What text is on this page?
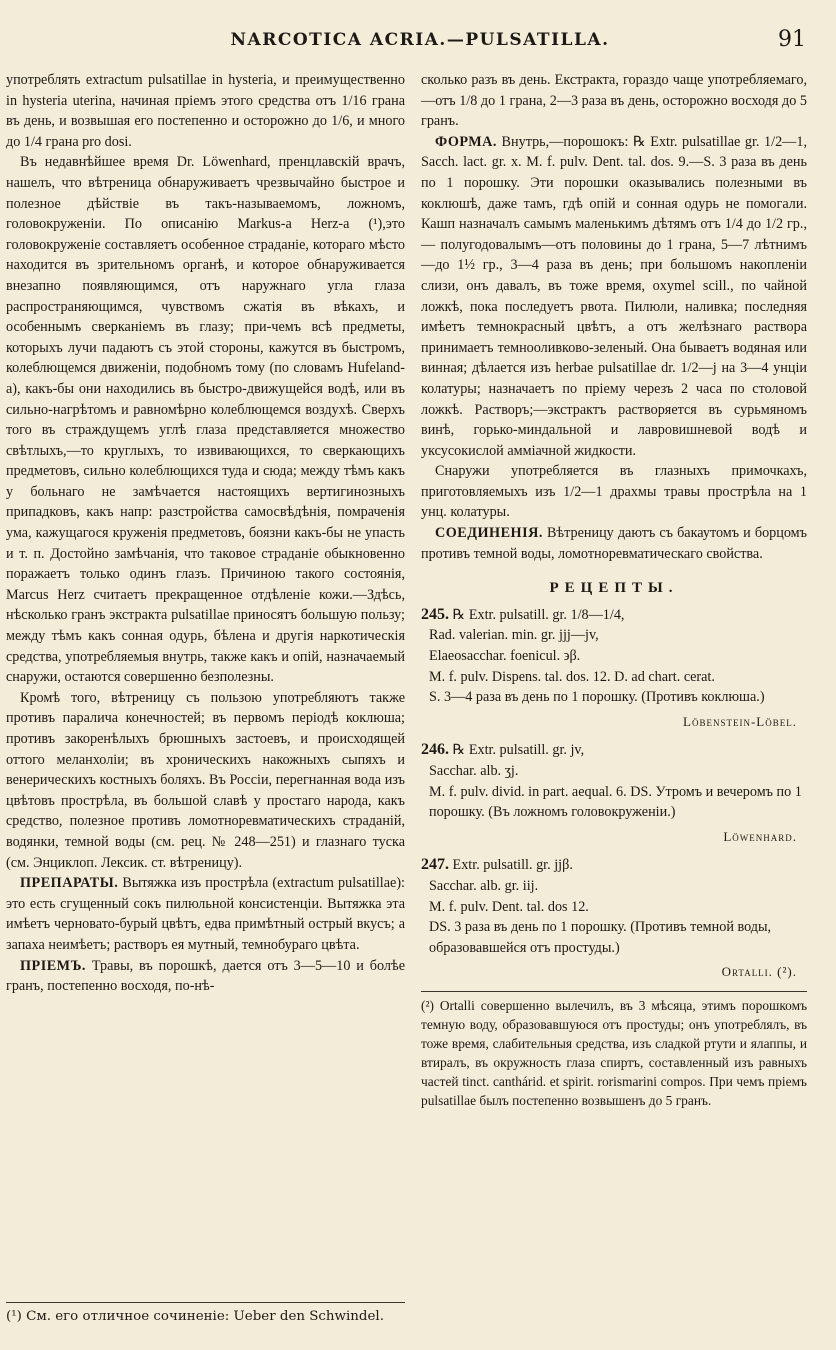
NARCOTICA ACRIA.—PULSATILLA.	91

употреблять extractum pulsatillae in hysteria, и преимущественно in hysteria uterina, начиная пріемъ этого средства отъ 1/16 грана въ день, и возвышая его постепенно и осторожно до 1/6, и много до 1/4 грана pro dosi.

Въ недавнѣйшее время Dr. Löwenhard, пренцлавскій врачъ, нашелъ, что вѣтреница обнаруживаетъ чрезвычайно быстрое и полезное дѣйствіе въ такъ-называемомъ, ложномъ, головокруженіи. По описанію Markus-а Herz-а (¹),это головокруженіе составляетъ особенное страданіе, котораго мѣсто находится въ зрительномъ органѣ, и которое обнаруживается внезапно появляющимся, отъ наружнаго угла глаза распространяющимся, чувствомъ сжатія въ вѣкахъ, и особеннымъ сверканіемъ въ глазу; при-чемъ всѣ предметы, которыхъ лучи падаютъ съ этой стороны, кажутся въ быстромъ, колеблющемся движеніи, подобномъ тому (по словамъ Hufeland-а), какъ-бы они находились въ быстро-движущейся водѣ, или въ сильно-нагрѣтомъ и равномѣрно колеблющемся воздухѣ. Сверхъ того въ страждущемъ углѣ глаза представляется множество свѣтлыхъ,—то круглыхъ, то извивающихся, то сверкающихъ предметовъ, сильно колеблющихся туда и сюда; между тѣмъ какъ у больнаго не замѣчается настоящихъ вертигинозныхъ припадковъ, какъ напр: разстройства самосвѣдѣнія, помраченія ума, кажущагося круженія предметовъ, боязни какъ-бы не упасть и т. п. Достойно замѣчанія, что таковое страданіе обыкновенно поражаетъ только одинъ глазъ. Причиною такого состоянія, Marcus Herz считаетъ прекращенное отдѣленіе кожи.—Здѣсь, нѣсколько гранъ экстракта pulsatillae приносятъ большую пользу; между тѣмъ какъ сонная одурь, бѣлена и другія наркотическія средства, употребляемыя внутрь, также какъ и опій, назначаемый снаружи, остаются совершенно безполезны.

Кромѣ того, вѣтреницу съ пользою употребляютъ также противъ паралича конечностей; въ первомъ періодѣ коклюша; противъ закоренѣлыхъ брюшныхъ застоевъ, и происходящей оттого меланхоліи; въ хроническихъ накожныхъ сыпяхъ и венерическихъ костныхъ боляхъ. Въ Россіи, перегнанная вода изъ цвѣтовъ прострѣла, въ большой славѣ у простаго народа, какъ средство, полезное противъ ломотноревматическихъ страданій, водянки, темной воды (см. рец. № 248—251) и глазнаго туска (см. Энциклоп. Лексик. ст. вѣтреницу).

ПРЕПАРАТЫ. Вытяжка изъ прострѣла (extractum pulsatillae): это есть сгущенный сокъ пилюльной консистенціи. Вытяжка эта имѣетъ черновато-бурый цвѣтъ, едва примѣтный острый вкусъ; а запаха неимѣетъ; растворъ ея мутный, темнобураго цвѣта.

ПРІЕМЪ. Травы, въ порошкѣ, дается отъ 3—5—10 и болѣе гранъ, постепенно восходя, по-нѣ-

(¹) См. его отличное сочиненіе: Ueber den Schwindel.

сколько разъ въ день. Екстракта, гораздо чаще употребляемаго,—отъ 1/8 до 1 грана, 2—3 раза въ день, осторожно восходя до 5 гранъ.

ФОРМА. Внутрь,—порошокъ: ℞ Extr. pulsatillae gr. 1/2—1, Sacch. lact. gr. x. M. f. pulv. Dent. tal. dos. 9.—S. 3 раза въ день по 1 порошку. Эти порошки оказывались полезными въ коклюшѣ, даже тамъ, гдѣ опій и сонная одурь не помогали. Кашп назначалъ самымъ маленькимъ дѣтямъ отъ 1/4 до 1/2 гр., — полугодовалымъ—отъ половины до 1 грана, 5—7 лѣтнимъ—до 1½ гр., 3—4 раза въ день; при большомъ накопленіи слизи, онъ давалъ, въ тоже время, oxymel scill., по чайной ложкѣ, пока последуетъ рвота. Пилюли, наливка; последняя имѣетъ темнокрасный цвѣтъ, а отъ желѣзнаго раствора принимаетъ темнооливково-зеленый. Она бываетъ водяная или винная; дѣлается изъ herbae pulsatillae dr. 1/2—j на 3—4 унціи колатуры; назначаетъ по пріему черезъ 2 часа по столовой ложкѣ. Растворъ;—экстрактъ растворяется въ сурьмяномъ винѣ, горько-миндальной и лавровишневой водѣ и уксусокислой аммiачной жидкости.

Снаружи употребляется въ глазныхъ примочкахъ, приготовляемыхъ изъ 1/2—1 драхмы травы прострѣла на 1 унц. колатуры.

СОЕДИНЕНІЯ. Вѣтреницу даютъ съ бакаутомъ и борцомъ противъ темной воды, ломотноревматическаго свойства.

РЕЦЕПТЫ.

245. ℞ Extr. pulsatill. gr. 1/8—1/4,

Rad. valerian. min. gr. jjj—jv,

Elaeosacchar. foenicul. ϶β.

M. f. pulv. Dispens. tal. dos. 12. D. ad chart. cerat.

S. 3—4 раза въ день по 1 порошку. (Противъ коклюша.)

Löbenstein-Löbel.

246. ℞ Extr. pulsatill. gr. jv,

Sacchar. alb. ʒj.

M. f. pulv. divid. in part. aequal. 6. DS. Утромъ и вечеромъ по 1 порошку. (Въ ложномъ головокруженіи.)

Löwenhard.

247. Extr. pulsatill. gr. jjβ.

Sacchar. alb. gr. iij.

M. f. pulv. Dent. tal. dos 12.

DS. 3 раза въ день по 1 порошку. (Противъ темной воды, образовавшейся отъ простуды.)

Ortalli. (²).

(²) Ortalli совершенно вылечилъ, въ 3 мѣсяца, этимъ порошкомъ темную воду, образовавшуюся отъ простуды; онъ употреблялъ, въ тоже время, слабительныя средства, изъ сладкой ртути и ялаппы, и втиралъ, въ окружность глаза спиртъ, составленный изъ равныхъ частей tinct. canthárid. et spirit. rorismarini compos. При чемъ пріемъ pulsatillae былъ постепенно возвышенъ до 5 гранъ.
